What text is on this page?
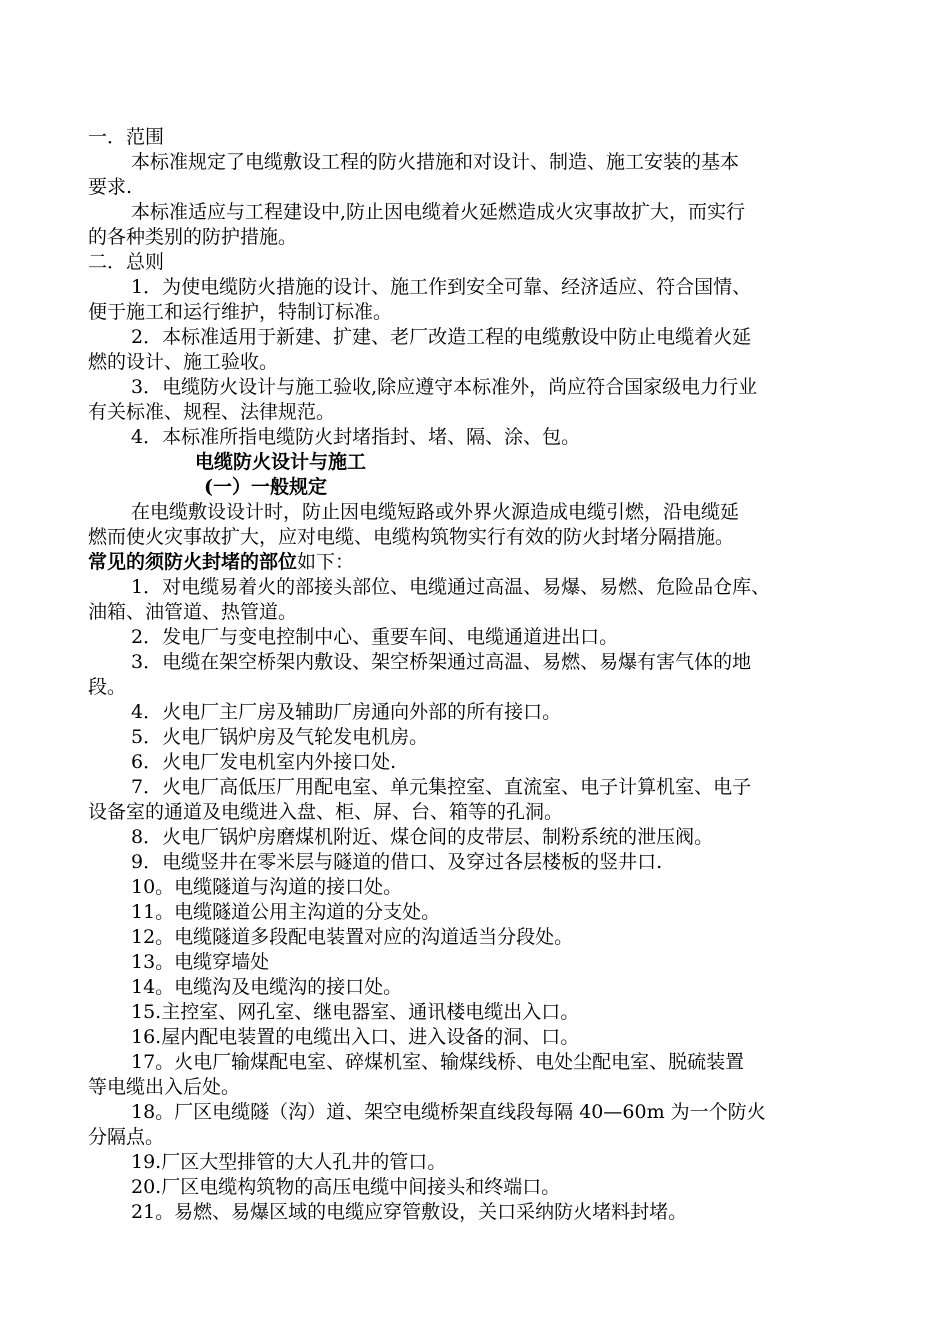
一．范围
本标准规定了电缆敷设工程的防火措施和对设计、制造、施工安装的基本
要求.
本标准适应与工程建设中,防止因电缆着火延燃造成火灾事故扩大，而实行
的各种类别的防护措施。
二．总则
1．为使电缆防火措施的设计、施工作到安全可靠、经济适应、符合国情、
便于施工和运行维护，特制订标准。
2．本标准适用于新建、扩建、老厂改造工程的电缆敷设中防止电缆着火延
燃的设计、施工验收。
3．电缆防火设计与施工验收,除应遵守本标准外，尚应符合国家级电力行业
有关标准、规程、法律规范。
4．本标准所指电缆防火封堵指封、堵、隔、涂、包。
电缆防火设计与施工
(一）一般规定
在电缆敷设设计时，防止因电缆短路或外界火源造成电缆引燃，沿电缆延
燃而使火灾事故扩大，应对电缆、电缆构筑物实行有效的防火封堵分隔措施。
常见的须防火封堵的部位如下：
1．对电缆易着火的部接头部位、电缆通过高温、易爆、易燃、危险品仓库、
油箱、油管道、热管道。
2．发电厂与变电控制中心、重要车间、电缆通道进出口。
3．电缆在架空桥架内敷设、架空桥架通过高温、易燃、易爆有害气体的地
段。
4．火电厂主厂房及辅助厂房通向外部的所有接口。
5．火电厂锅炉房及气轮发电机房。
6．火电厂发电机室内外接口处.
7．火电厂高低压厂用配电室、单元集控室、直流室、电子计算机室、电子
设备室的通道及电缆进入盘、柜、屏、台、箱等的孔洞。
8．火电厂锅炉房磨煤机附近、煤仓间的皮带层、制粉系统的泄压阀。
9．电缆竖井在零米层与隧道的借口、及穿过各层楼板的竖井口.
10。电缆隧道与沟道的接口处。
11。电缆隧道公用主沟道的分支处。
12。电缆隧道多段配电装置对应的沟道适当分段处。
13。电缆穿墙处
14。电缆沟及电缆沟的接口处。
15.主控室、网孔室、继电器室、通讯楼电缆出入口。
16.屋内配电装置的电缆出入口、进入设备的洞、口。
17。火电厂输煤配电室、碎煤机室、输煤线桥、电处尘配电室、脱硫装置
等电缆出入后处。
18。厂区电缆隧（沟）道、架空电缆桥架直线段每隔 40—60m 为一个防火
分隔点。
19.厂区大型排管的大人孔井的管口。
20.厂区电缆构筑物的高压电缆中间接头和终端口。
21。易燃、易爆区域的电缆应穿管敷设，关口采纳防火堵料封堵。
